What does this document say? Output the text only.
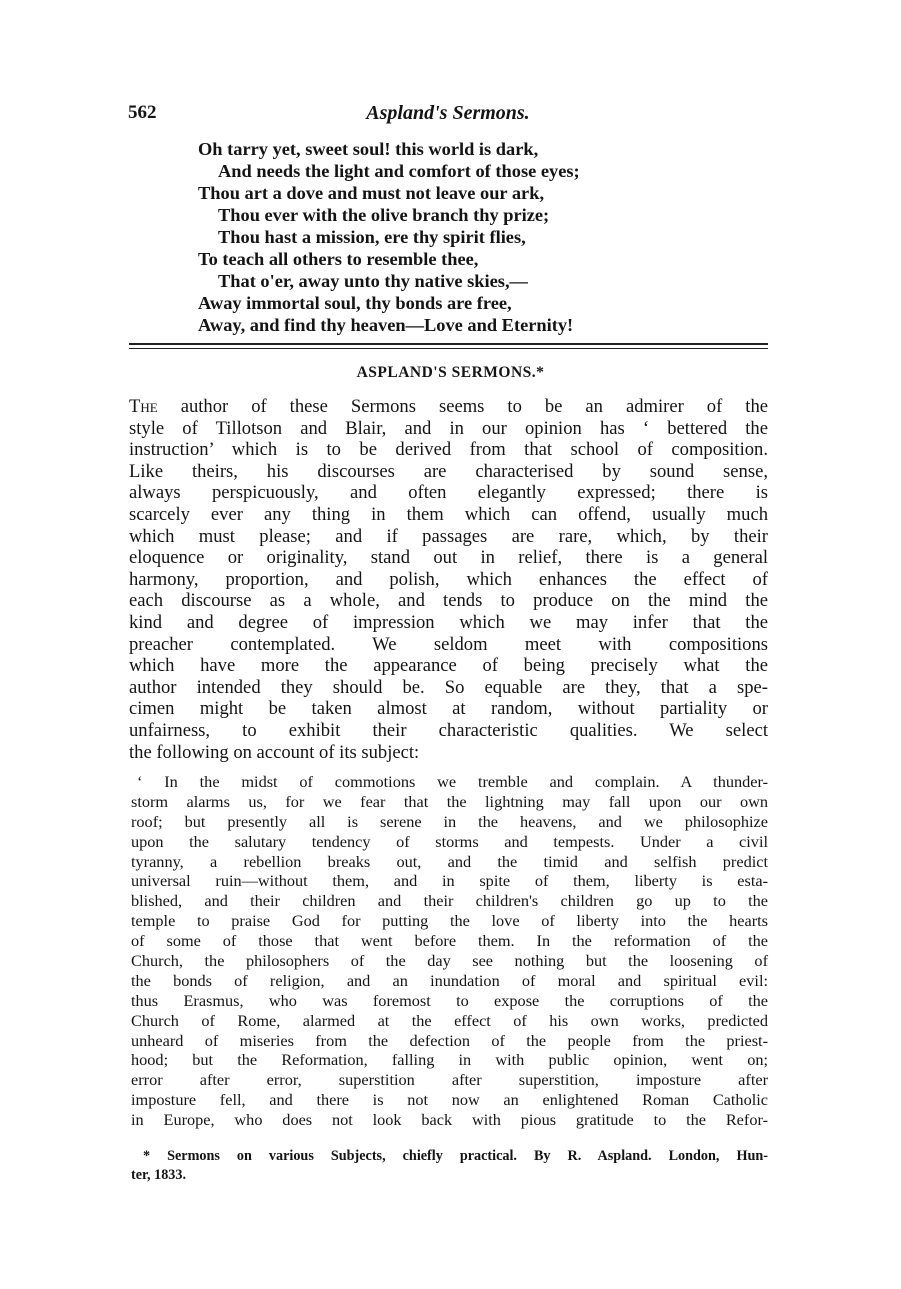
562	Aspland's Sermons.
Oh tarry yet, sweet soul! this world is dark,
And needs the light and comfort of those eyes;
Thou art a dove and must not leave our ark,
Thou ever with the olive branch thy prize;
Thou hast a mission, ere thy spirit flies,
To teach all others to resemble thee,
That o'er, away unto thy native skies,—
Away immortal soul, thy bonds are free,
Away, and find thy heaven—Love and Eternity!
ASPLAND'S SERMONS.*
The author of these Sermons seems to be an admirer of the
style of Tillotson and Blair, and in our opinion has ‘ bettered the
instruction’ which is to be derived from that school of composition.
Like theirs, his discourses are characterised by sound sense,
always perspicuously, and often elegantly expressed; there is
scarcely ever any thing in them which can offend, usually much
which must please; and if passages are rare, which, by their
eloquence or originality, stand out in relief, there is a general
harmony, proportion, and polish, which enhances the effect of
each discourse as a whole, and tends to produce on the mind the
kind and degree of impression which we may infer that the
preacher contemplated. We seldom meet with compositions
which have more the appearance of being precisely what the
author intended they should be. So equable are they, that a spe-
cimen might be taken almost at random, without partiality or
unfairness, to exhibit their characteristic qualities. We select
the following on account of its subject:
‘ In the midst of commotions we tremble and complain. A thunder-
storm alarms us, for we fear that the lightning may fall upon our own
roof; but presently all is serene in the heavens, and we philosophize
upon the salutary tendency of storms and tempests. Under a civil
tyranny, a rebellion breaks out, and the timid and selfish predict
universal ruin—without them, and in spite of them, liberty is esta-
blished, and their children and their children's children go up to the
temple to praise God for putting the love of liberty into the hearts
of some of those that went before them. In the reformation of the
Church, the philosophers of the day see nothing but the loosening of
the bonds of religion, and an inundation of moral and spiritual evil:
thus Erasmus, who was foremost to expose the corruptions of the
Church of Rome, alarmed at the effect of his own works, predicted
unheard of miseries from the defection of the people from the priest-
hood; but the Reformation, falling in with public opinion, went on;
error after error, superstition after superstition, imposture after
imposture fell, and there is not now an enlightened Roman Catholic
in Europe, who does not look back with pious gratitude to the Refor-
* Sermons on various Subjects, chiefly practical. By R. Aspland. London, Hun-
ter, 1833.
